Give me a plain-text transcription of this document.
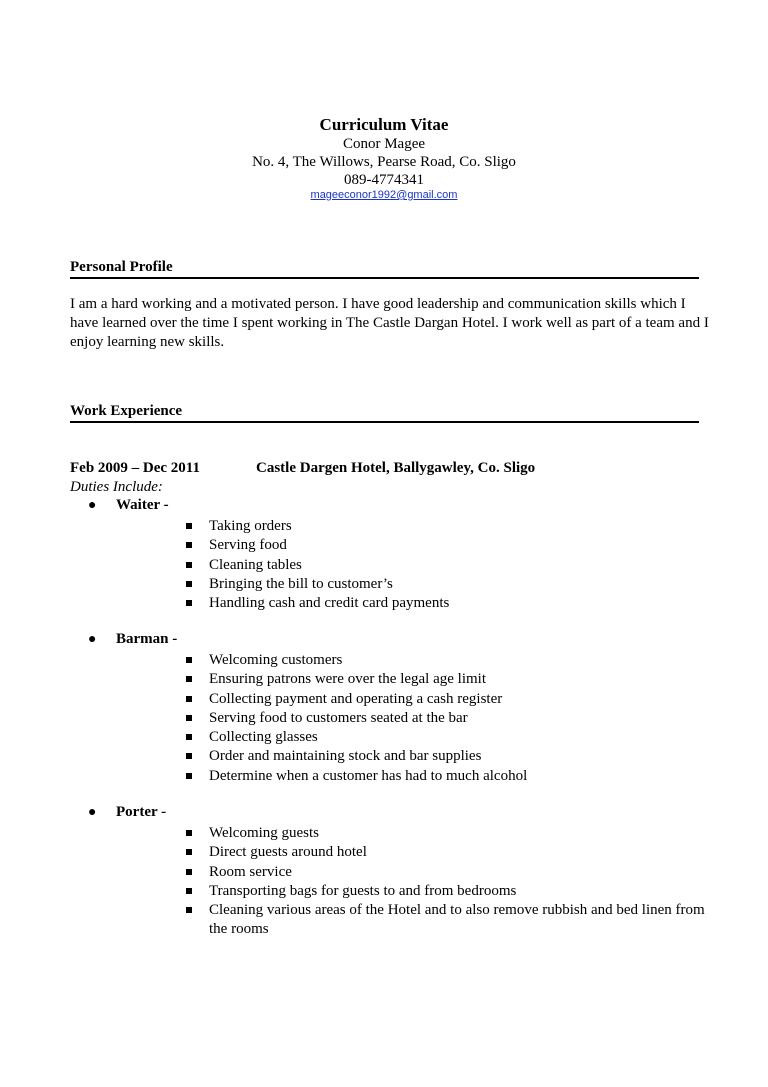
Curriculum Vitae
Conor Magee
No. 4, The Willows, Pearse Road, Co. Sligo
089-4774341
mageeconor1992@gmail.com
Personal Profile
I am a hard working and a motivated person. I have good leadership and communication skills which I have learned over the time I spent working in The Castle Dargan Hotel. I work well as part of a team and I enjoy learning new skills.
Work Experience
Feb 2009 – Dec 2011	Castle Dargen Hotel, Ballygawley, Co. Sligo
Duties Include:
● Waiter -
Taking orders
Serving food
Cleaning tables
Bringing the bill to customer’s
Handling cash and credit card payments
● Barman -
Welcoming customers
Ensuring patrons were over the legal age limit
Collecting payment and operating a cash register
Serving food to customers seated at the bar
Collecting glasses
Order and maintaining stock and bar supplies
Determine when a customer has had to much alcohol
● Porter -
Welcoming guests
Direct guests around hotel
Room service
Transporting bags for guests to and from bedrooms
Cleaning various areas of the Hotel and to also remove rubbish and bed linen from the rooms
